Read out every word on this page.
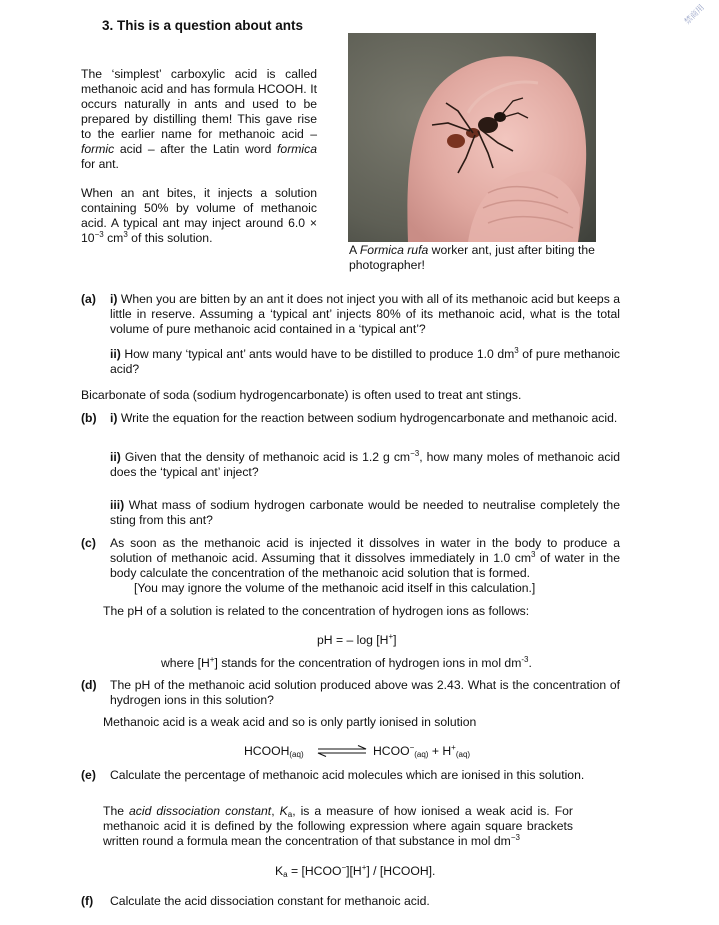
禁商用
3. This is a question about ants
The ‘simplest’ carboxylic acid is called methanoic acid and has formula HCOOH. It occurs naturally in ants and used to be prepared by distilling them! This gave rise to the earlier name for methanoic acid – formic acid – after the Latin word formica for ant.
When an ant bites, it injects a solution containing 50% by volume of methanoic acid. A typical ant may inject around $6.0 \times 10^{-3}$ $cm^3$ of this solution.
A Formica rufa worker ant, just after biting the
photographer!
(a) i) When you are bitten by an ant it does not inject you with all of its methanoic acid but keeps a little in reserve. Assuming a ‘typical ant’ injects 80% of its methanoic acid, what is the total volume of pure methanoic acid contained in a ‘typical ant’?
ii) How many ‘typical ant’ ants would have to be distilled to produce 1.0 $dm^3$ of pure methanoic acid?
Bicarbonate of soda (sodium hydrogencarbonate) is often used to treat ant stings.
(b) i) Write the equation for the reaction between sodium hydrogencarbonate and methanoic acid.
ii) Given that the density of methanoic acid is 1.2 g $cm^{-3}$, how many moles of methanoic acid does the ‘typical ant’ inject?
iii) What mass of sodium hydrogen carbonate would be needed to neutralise completely the sting from this ant?
(c) As soon as the methanoic acid is injected it dissolves in water in the body to produce a solution of methanoic acid. Assuming that it dissolves immediately in 1.0 $cm^3$ of water in the body calculate the concentration of the methanoic acid solution that is formed.
[You may ignore the volume of the methanoic acid itself in this calculation.]
The pH of a solution is related to the concentration of hydrogen ions as follows:
pH = – log [H+]
where [H+] stands for the concentration of hydrogen ions in mol $dm^{-3}$.
(d) The pH of the methanoic acid solution produced above was 2.43. What is the concentration of hydrogen ions in this solution?
Methanoic acid is a weak acid and so is only partly ionised in solution
$HCOOH_{(aq)}$	$HCOO^-_{(aq)} + H^+_{(aq)}$
(e) Calculate the percentage of methanoic acid molecules which are ionised in this solution.
The acid dissociation constant, $K_a$, is a measure of how ionised a weak acid is. For methanoic acid it is defined by the following expression where again square brackets written round a formula mean the concentration of that substance in mol $dm^{-3}$
$K_a$ = [HCOO−][H+] / [HCOOH].
(f) Calculate the acid dissociation constant for methanoic acid.
